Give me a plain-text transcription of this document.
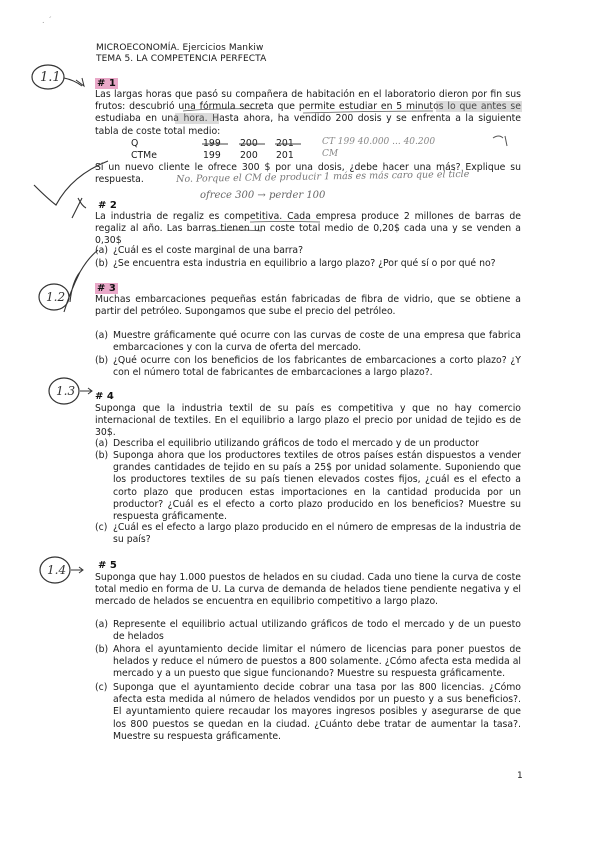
MICROECONOMÍA. Ejercicios Mankiw
TEMA 5. LA COMPETENCIA PERFECTA
# 1
Las largas horas que pasó su compañera de habitación en el laboratorio dieron por fin sus frutos: descubrió una fórmula secreta que permite estudiar en 5 minutos lo que antes se estudiaba en una hora. Hasta ahora, ha vendido 200 dosis y se enfrenta a la siguiente tabla de coste total medio:
Q	199 200 201
CTMe	199 200 201
Si un nuevo cliente le ofrece 300 $ por una dosis, ¿debe hacer una más? Explique su respuesta.
# 2
La industria de regaliz es competitiva. Cada empresa produce 2 millones de barras de regaliz al año. Las barras tienen un coste total medio de 0,20$ cada una y se venden a 0,30$
(a) ¿Cuál es el coste marginal de una barra?
(b) ¿Se encuentra esta industria en equilibrio a largo plazo? ¿Por qué sí o por qué no?
# 3
Muchas embarcaciones pequeñas están fabricadas de fibra de vidrio, que se obtiene a partir del petróleo. Supongamos que sube el precio del petróleo.
(a) Muestre gráficamente qué ocurre con las curvas de coste de una empresa que fabrica embarcaciones y con la curva de oferta del mercado.
(b) ¿Qué ocurre con los beneficios de los fabricantes de embarcaciones a corto plazo? ¿Y con el número total de fabricantes de embarcaciones a largo plazo?.
# 4
Suponga que la industria textil de su país es competitiva y que no hay comercio internacional de textiles. En el equilibrio a largo plazo el precio por unidad de tejido es de 30$.
(a) Describa el equilibrio utilizando gráficos de todo el mercado y de un productor
(b) Suponga ahora que los productores textiles de otros países están dispuestos a vender grandes cantidades de tejido en su país a 25$ por unidad solamente. Suponiendo que los productores textiles de su país tienen elevados costes fijos, ¿cuál es el efecto a corto plazo que producen estas importaciones en la cantidad producida por un productor? ¿Cuál es el efecto a corto plazo producido en los beneficios? Muestre su respuesta gráficamente.
(c) ¿Cuál es el efecto a largo plazo producido en el número de empresas de la industria de su país?
# 5
Suponga que hay 1.000 puestos de helados en su ciudad. Cada uno tiene la curva de coste total medio en forma de U. La curva de demanda de helados tiene pendiente negativa y el mercado de helados se encuentra en equilibrio competitivo a largo plazo.
(a) Represente el equilibrio actual utilizando gráficos de todo el mercado y de un puesto de helados
(b) Ahora el ayuntamiento decide limitar el número de licencias para poner puestos de helados y reduce el número de puestos a 800 solamente. ¿Cómo afecta esta medida al mercado y a un puesto que sigue funcionando? Muestre su respuesta gráficamente.
(c) Suponga que el ayuntamiento decide cobrar una tasa por las 800 licencias. ¿Cómo afecta esta medida al número de helados vendidos por un puesto y a sus beneficios?. El ayuntamiento quiere recaudar los mayores ingresos posibles y asegurarse de que los 800 puestos se quedan en la ciudad. ¿Cuánto debe tratar de aumentar la tasa?. Muestre su respuesta gráficamente.
CT 199 40.000 ... 40.200
CM
No. Porque el CM de producir 1 más es más caro que el ticle
ofrece 300 → perder 100
1.1
1.2
1.3
1.4
1
. ´
